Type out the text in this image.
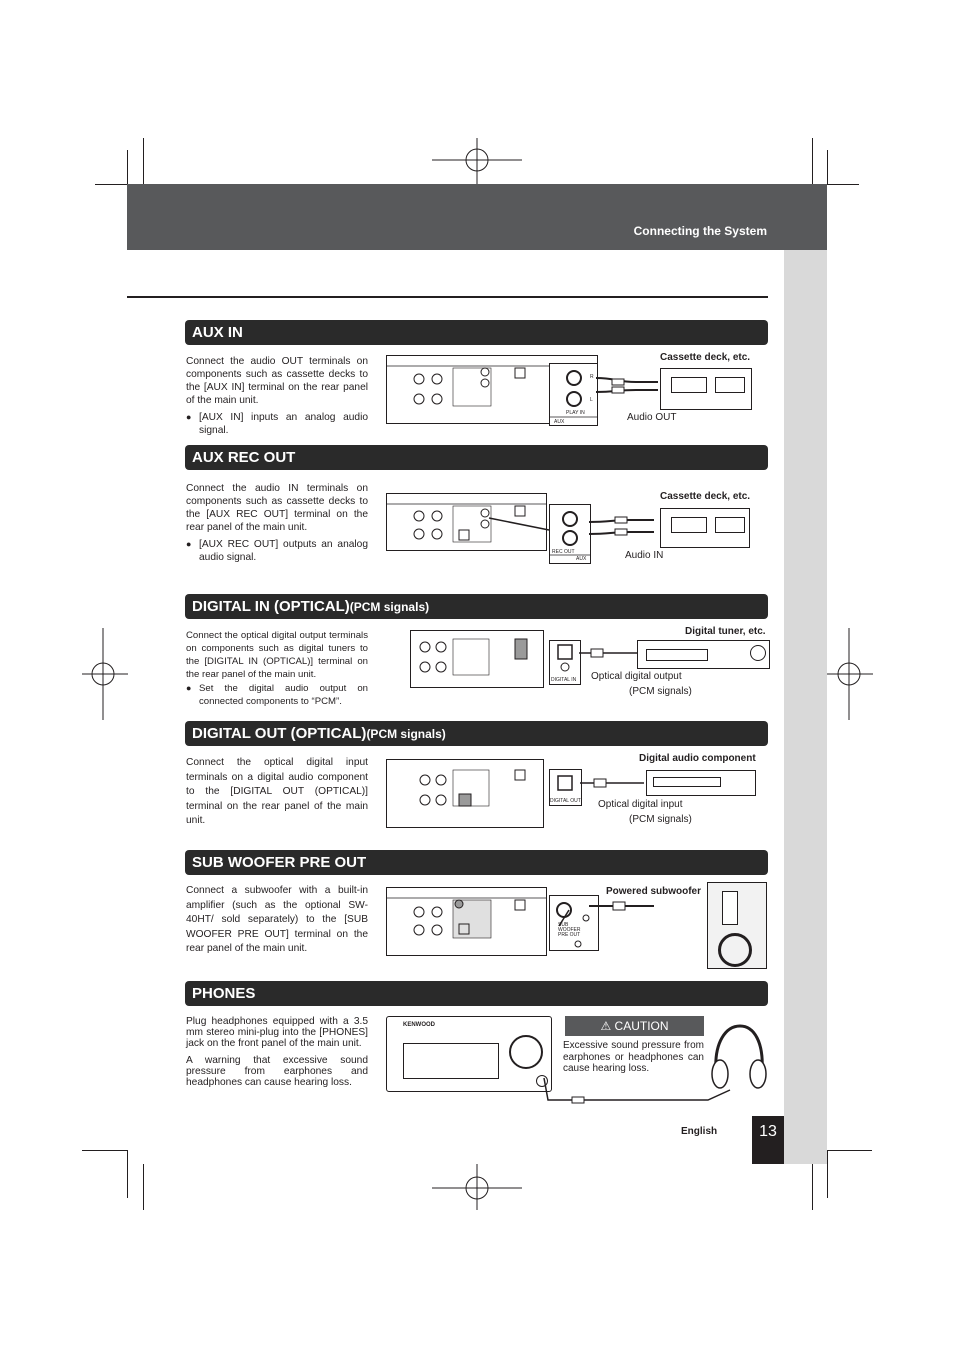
Connecting the System
AUX IN

Connect the audio OUT terminals on components such as cassette decks to the [AUX IN] terminal on the rear panel of the main unit.

● [AUX IN] inputs an analog audio signal.

R
L
PLAY IN
AUX
Cassette deck, etc.
Audio OUT
AUX REC OUT

Connect the audio IN terminals on components such as cassette decks to the [AUX REC OUT] terminal on the rear panel of the main unit.

● [AUX REC OUT] outputs an analog audio signal.	REC OUT
AUX
Cassette deck, etc.
Audio IN
DIGITAL IN (OPTICAL)(PCM signals)

Connect the optical digital output terminals on components such as digital tuners to the [DIGITAL IN (OPTICAL)] terminal on the rear panel of the main unit.

● Set the digital audio output on connected components to “PCM”.

DIGITAL IN
Digital tuner, etc.
Optical digital output
(PCM signals)
DIGITAL OUT (OPTICAL)(PCM signals)

Connect the optical digital input terminals on a digital audio component to the [DIGITAL OUT (OPTICAL)] terminal on the rear panel of the main unit.

DIGITAL OUT
Digital audio component
Optical digital input
(PCM signals)
SUB WOOFER PRE OUT

Connect a subwoofer with a built-in amplifier (such as the optional SW-40HT/ sold separately) to the [SUB WOOFER PRE OUT] terminal on the rear panel of the main unit.

SUB
WOOFER
PRE OUT
Powered subwoofer
PHONES

Plug headphones equipped with a 3.5 mm stereo mini-plug into the [PHONES] jack on the front panel of the main unit.

A warning that excessive sound pressure from earphones and headphones can cause hearing loss.

KENWOOD	⚠ CAUTION
Excessive sound pressure from earphones or headphones can cause hearing loss.
English	13
